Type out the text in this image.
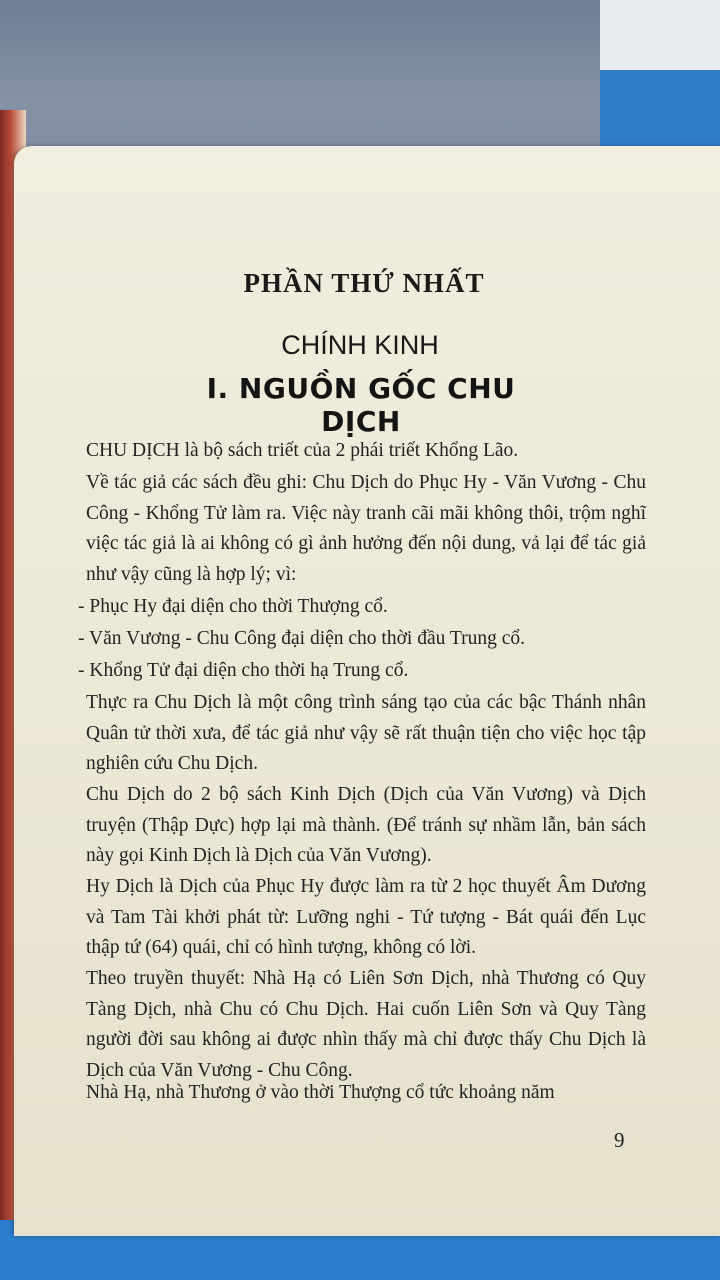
PHẦN THỨ NHẤT
CHÍNH KINH
I. NGUỒN GỐC CHU DỊCH

CHU DỊCH là bộ sách triết của 2 phái triết Khổng Lão.

Về tác giả các sách đều ghi: Chu Dịch do Phục Hy - Văn Vương - Chu Công - Khổng Tử làm ra. Việc này tranh cãi mãi không thôi, trộm nghĩ việc tác giả là ai không có gì ảnh hưởng đến nội dung, vả lại để tác giả như vậy cũng là hợp lý; vì:

- Phục Hy đại diện cho thời Thượng cổ.

- Văn Vương - Chu Công đại diện cho thời đầu Trung cổ.

- Khổng Tử đại diện cho thời hạ Trung cổ.

Thực ra Chu Dịch là một công trình sáng tạo của các bậc Thánh nhân Quân tử thời xưa, để tác giả như vậy sẽ rất thuận tiện cho việc học tập nghiên cứu Chu Dịch.

Chu Dịch do 2 bộ sách Kinh Dịch (Dịch của Văn Vương) và Dịch truyện (Thập Dực) hợp lại mà thành. (Để tránh sự nhầm lẫn, bản sách này gọi Kinh Dịch là Dịch của Văn Vương).

Hy Dịch là Dịch của Phục Hy được làm ra từ 2 học thuyết Âm Dương và Tam Tài khởi phát từ: Lưỡng nghi - Tứ tượng - Bát quái đến Lục thập tứ (64) quái, chỉ có hình tượng, không có lời.

Theo truyền thuyết: Nhà Hạ có Liên Sơn Dịch, nhà Thương có Quy Tàng Dịch, nhà Chu có Chu Dịch. Hai cuốn Liên Sơn và Quy Tàng người đời sau không ai được nhìn thấy mà chỉ được thấy Chu Dịch là Dịch của Văn Vương - Chu Công.

Nhà Hạ, nhà Thương ở vào thời Thượng cổ tức khoảng năm

9
